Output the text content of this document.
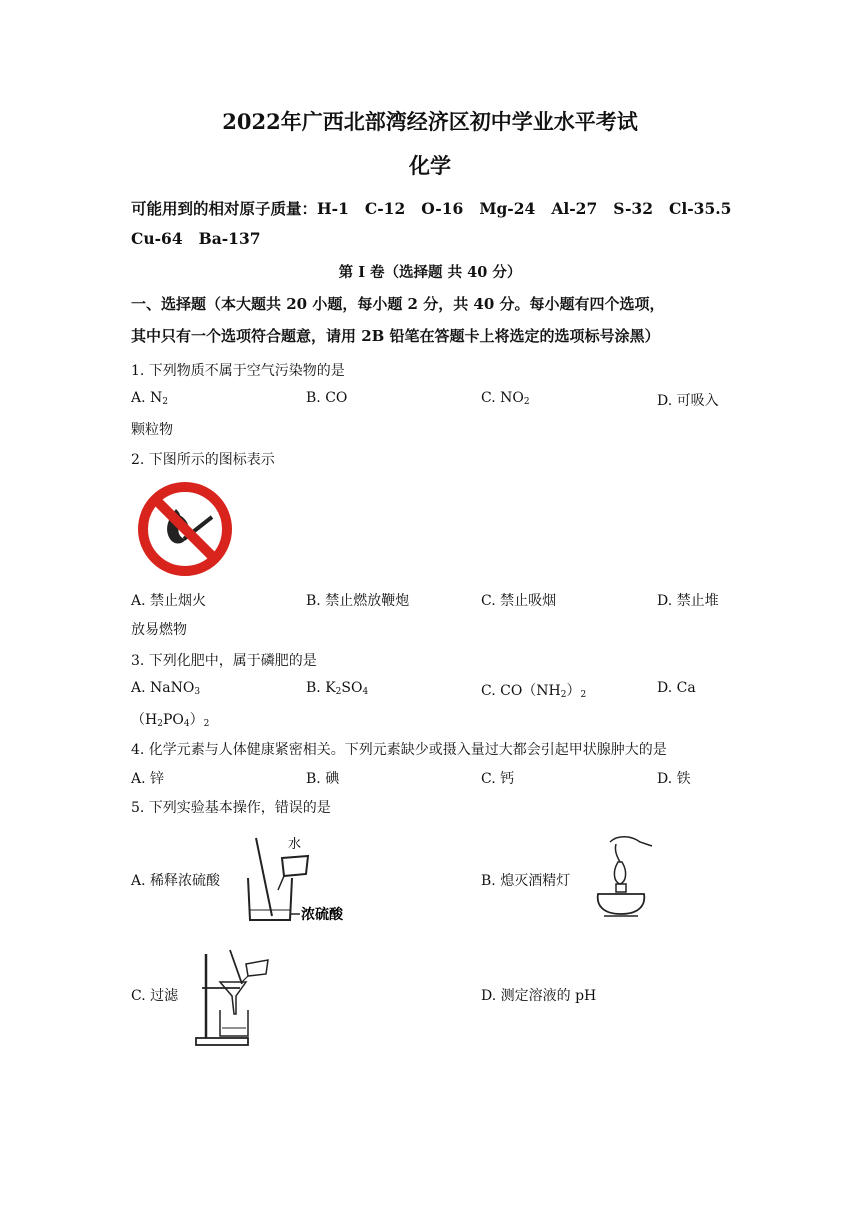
2022年广西北部湾经济区初中学业水平考试
化学
可能用到的相对原子质量：H-1 C-12 O-16 Mg-24 Al-27 S-32 Cl-35.5
Cu-64 Ba-137
第 I 卷（选择题 共 40 分）
一、选择题（本大题共 20 小题，每小题 2 分，共 40 分。每小题有四个选项，
其中只有一个选项符合题意，请用 2B 铅笔在答题卡上将选定的选项标号涂黑）
1. 下列物质不属于空气污染物的是
A. $N_2$	B. CO	C. $NO_2$	D. 可吸入
颗粒物
2. 下图所示的图标表示
A. 禁止烟火	B. 禁止燃放鞭炮	C. 禁止吸烟	D. 禁止堆
放易燃物
3. 下列化肥中，属于磷肥的是
A. NaNO$_3$	B. $K_2SO_4$	C. $CO(NH_2)_2$	D. Ca
$(H_2PO_4)_2$
4. 化学元素与人体健康紧密相关。下列元素缺少或摄入量过大都会引起甲状腺肿大的是
A. 锌	B. 碘	C. 钙	D. 铁
5. 下列实验基本操作，错误的是
A. 稀释浓硫酸
水
浓硫酸
B. 熄灭酒精灯
C. 过滤	D. 测定溶液的 pH
